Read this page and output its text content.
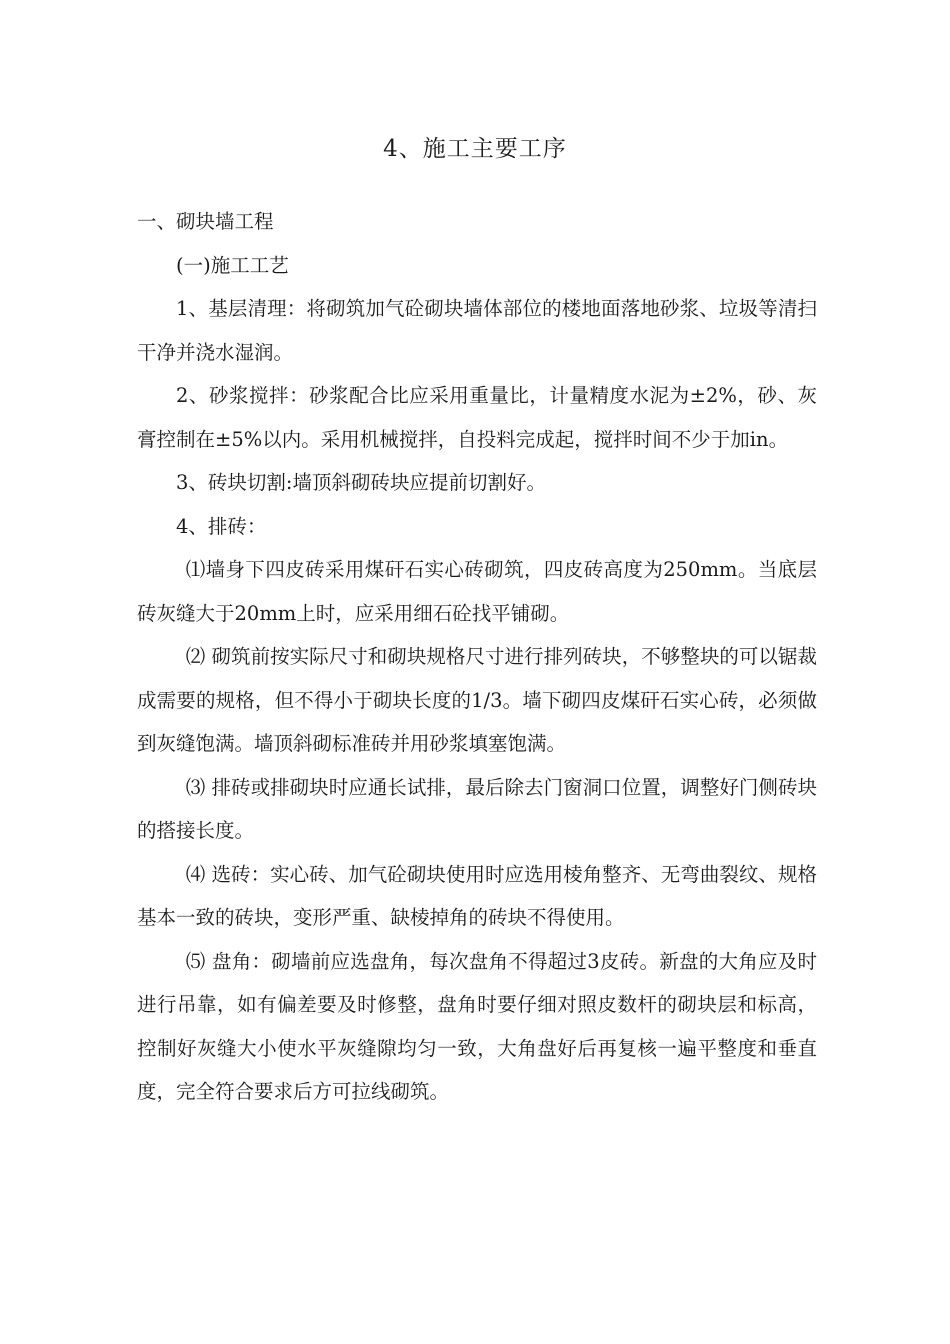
4、施工主要工序

一、砌块墙工程

(一)施工工艺

1、基层清理：将砌筑加气砼砌块墙体部位的楼地面落地砂浆、垃圾等清扫干净并浇水湿润。

2、砂浆搅拌：砂浆配合比应采用重量比，计量精度水泥为±2%，砂、灰膏控制在±5%以内。采用机械搅拌，自投料完成起，搅拌时间不少于加in。

3、砖块切割:墙顶斜砌砖块应提前切割好。

4、排砖：

⑴墙身下四皮砖采用煤矸石实心砖砌筑，四皮砖高度为250mm。当底层砖灰缝大于20mm上时，应采用细石砼找平铺砌。

⑵ 砌筑前按实际尺寸和砌块规格尺寸进行排列砖块，不够整块的可以锯裁成需要的规格，但不得小于砌块长度的1/3。墙下砌四皮煤矸石实心砖，必须做到灰缝饱满。墙顶斜砌标准砖并用砂浆填塞饱满。

⑶ 排砖或排砌块时应通长试排，最后除去门窗洞口位置，调整好门侧砖块的搭接长度。

⑷ 选砖：实心砖、加气砼砌块使用时应选用棱角整齐、无弯曲裂纹、规格基本一致的砖块，变形严重、缺棱掉角的砖块不得使用。

⑸ 盘角：砌墙前应选盘角，每次盘角不得超过3皮砖。新盘的大角应及时进行吊靠，如有偏差要及时修整，盘角时要仔细对照皮数杆的砌块层和标高，控制好灰缝大小使水平灰缝隙均匀一致，大角盘好后再复核一遍平整度和垂直度，完全符合要求后方可拉线砌筑。
